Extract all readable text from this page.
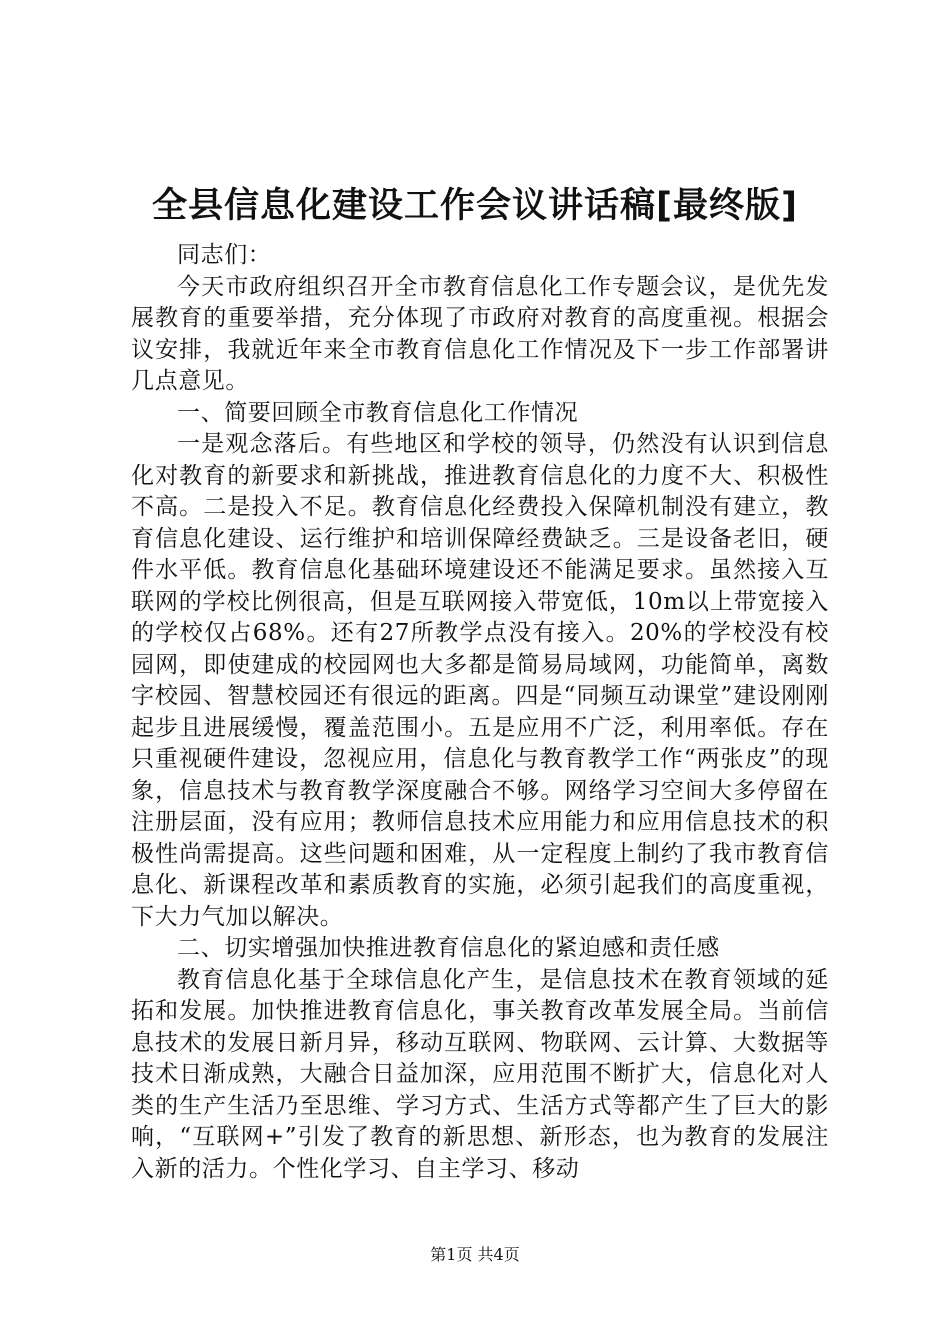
全县信息化建设工作会议讲话稿[最终版]

同志们：

今天市政府组织召开全市教育信息化工作专题会议，是优先发展教育的重要举措，充分体现了市政府对教育的高度重视。根据会议安排，我就近年来全市教育信息化工作情况及下一步工作部署讲几点意见。

一、简要回顾全市教育信息化工作情况

一是观念落后。有些地区和学校的领导，仍然没有认识到信息化对教育的新要求和新挑战，推进教育信息化的力度不大、积极性不高。二是投入不足。教育信息化经费投入保障机制没有建立，教育信息化建设、运行维护和培训保障经费缺乏。三是设备老旧，硬件水平低。教育信息化基础环境建设还不能满足要求。虽然接入互联网的学校比例很高，但是互联网接入带宽低，10m以上带宽接入的学校仅占68%。还有27所教学点没有接入。20%的学校没有校园网，即使建成的校园网也大多都是简易局域网，功能简单，离数字校园、智慧校园还有很远的距离。四是“同频互动课堂”建设刚刚起步且进展缓慢，覆盖范围小。五是应用不广泛，利用率低。存在只重视硬件建设，忽视应用，信息化与教育教学工作“两张皮”的现象，信息技术与教育教学深度融合不够。网络学习空间大多停留在注册层面，没有应用；教师信息技术应用能力和应用信息技术的积极性尚需提高。这些问题和困难，从一定程度上制约了我市教育信息化、新课程改革和素质教育的实施，必须引起我们的高度重视，下大力气加以解决。

二、切实增强加快推进教育信息化的紧迫感和责任感

教育信息化基于全球信息化产生，是信息技术在教育领域的延拓和发展。加快推进教育信息化，事关教育改革发展全局。当前信息技术的发展日新月异，移动互联网、物联网、云计算、大数据等技术日渐成熟，大融合日益加深，应用范围不断扩大，信息化对人类的生产生活乃至思维、学习方式、生活方式等都产生了巨大的影响，“互联网+”引发了教育的新思想、新形态，也为教育的发展注入新的活力。个性化学习、自主学习、移动

第1页 共4页
